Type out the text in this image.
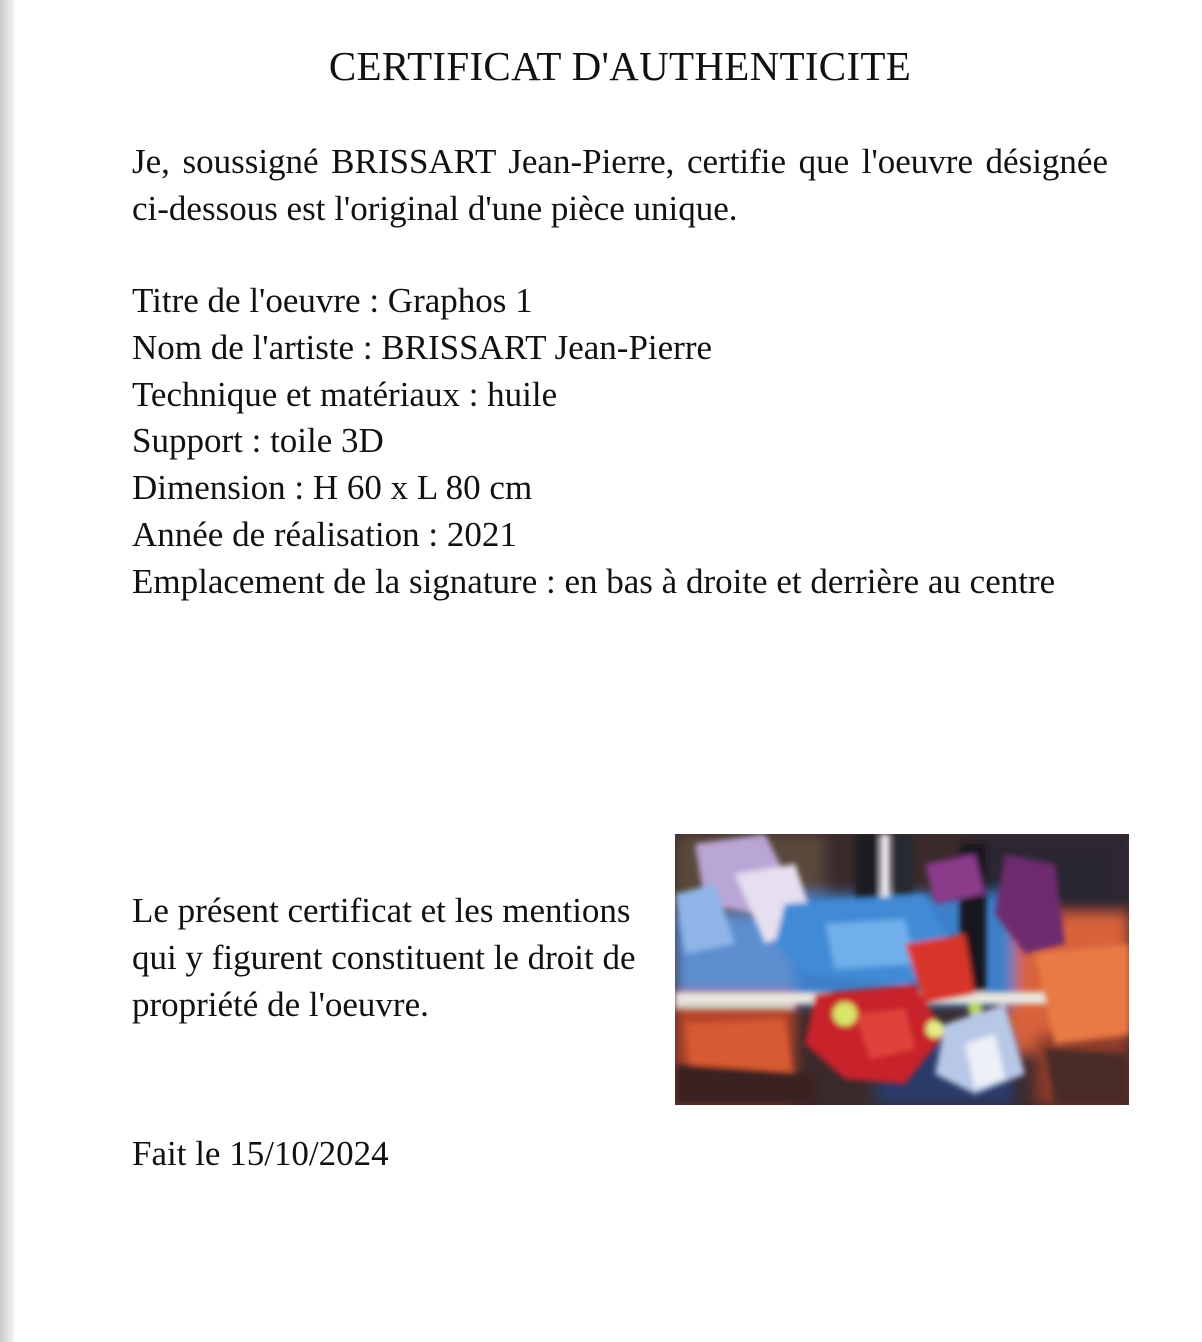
CERTIFICAT D'AUTHENTICITE
Je, soussigné BRISSART Jean-Pierre, certifie que l'oeuvre désignée ci-dessous est l'original d'une pièce unique.
Titre de l'oeuvre : Graphos 1
Nom de l'artiste : BRISSART Jean-Pierre
Technique et matériaux : huile
Support : toile 3D
Dimension : H 60 x L 80 cm
Année de réalisation : 2021
Emplacement de la signature : en bas à droite et derrière au centre
Le présent certificat et les mentions qui y figurent constituent le droit de propriété de l'oeuvre.
Fait le 15/10/2024
